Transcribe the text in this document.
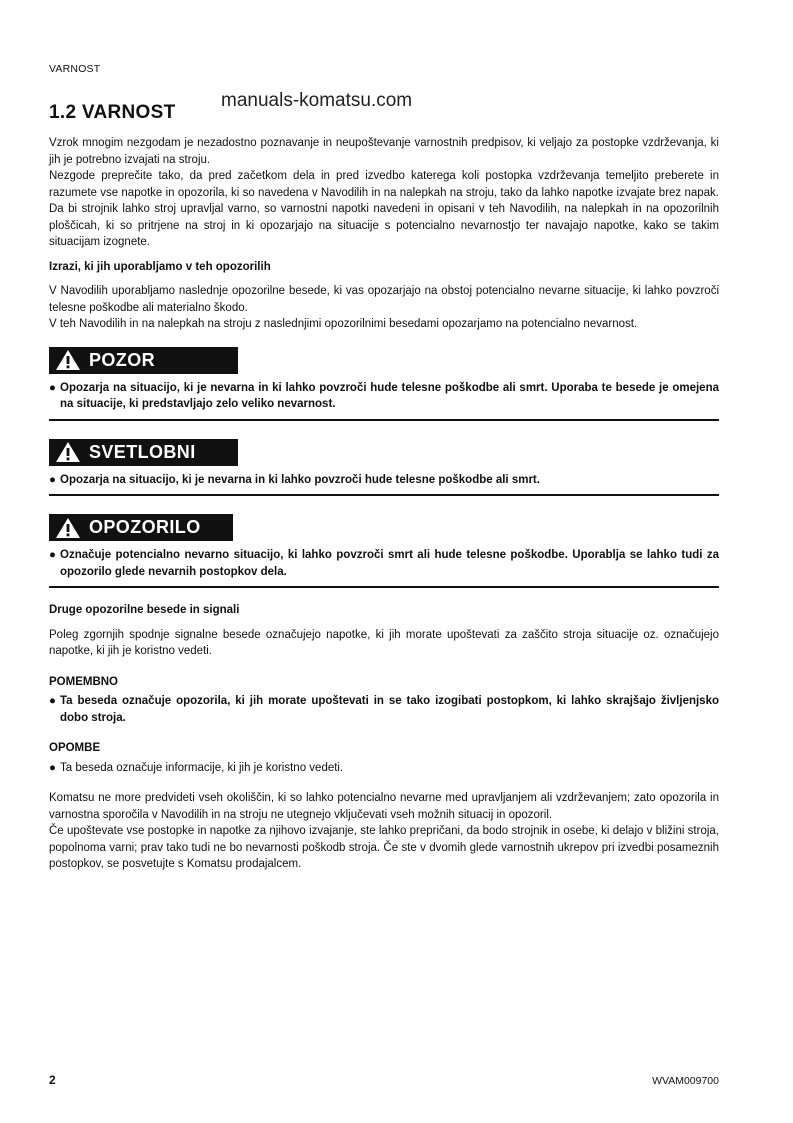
VARNOST
1.2 VARNOST
manuals-komatsu.com

Vzrok mnogim nezgodam je nezadostno poznavanje in neupoštevanje varnostnih predpisov, ki veljajo za postopke vzdrževanja, ki jih je potrebno izvajati na stroju.

Nezgode preprečite tako, da pred začetkom dela in pred izvedbo katerega koli postopka vzdrževanja temeljito preberete in razumete vse napotke in opozorila, ki so navedena v Navodilih in na nalepkah na stroju, tako da lahko napotke izvajate brez napak. Da bi strojnik lahko stroj upravljal varno, so varnostni napotki navedeni in opisani v teh Navodilih, na nalepkah in na opozorilnih ploščicah, ki so pritrjene na stroj in ki opozarjajo na situacije s potencialno nevarnostjo ter navajajo napotke, kako se takim situacijam izognete.

Izrazi, ki jih uporabljamo v teh opozorilih

V Navodilih uporabljamo naslednje opozorilne besede, ki vas opozarjajo na obstoj potencialno nevarne situacije, ki lahko povzroči telesne poškodbe ali materialno škodo.

V teh Navodilih in na nalepkah na stroju z naslednjimi opozorilnimi besedami opozarjamo na potencialno nevarnost.

POZOR
● Opozarja na situacijo, ki je nevarna in ki lahko povzroči hude telesne poškodbe ali smrt. Uporaba te besede je omejena na situacije, ki predstavljajo zelo veliko nevarnost.
SVETLOBNI
● Opozarja na situacijo, ki je nevarna in ki lahko povzroči hude telesne poškodbe ali smrt.
OPOZORILO
● Označuje potencialno nevarno situacijo, ki lahko povzroči smrt ali hude telesne poškodbe. Uporablja se lahko tudi za opozorilo glede nevarnih postopkov dela.

Druge opozorilne besede in signali

Poleg zgornjih spodnje signalne besede označujejo napotke, ki jih morate upoštevati za zaščito stroja situacije oz. označujejo napotke, ki jih je koristno vedeti.

POMEMBNO

● Ta beseda označuje opozorila, ki jih morate upoštevati in se tako izogibati postopkom, ki lahko skrajšajo življenjsko dobo stroja.

OPOMBE

● Ta beseda označuje informacije, ki jih je koristno vedeti.

Komatsu ne more predvideti vseh okoliščin, ki so lahko potencialno nevarne med upravljanjem ali vzdrževanjem; zato opozorila in varnostna sporočila v Navodilih in na stroju ne utegnejo vključevati vseh možnih situacij in opozoril.

Če upoštevate vse postopke in napotke za njihovo izvajanje, ste lahko prepričani, da bodo strojnik in osebe, ki delajo v bližini stroja, popolnoma varni; prav tako tudi ne bo nevarnosti poškodb stroja. Če ste v dvomih glede varnostnih ukrepov pri izvedbi posameznih postopkov, se posvetujte s Komatsu prodajalcem.

2	WVAM009700
